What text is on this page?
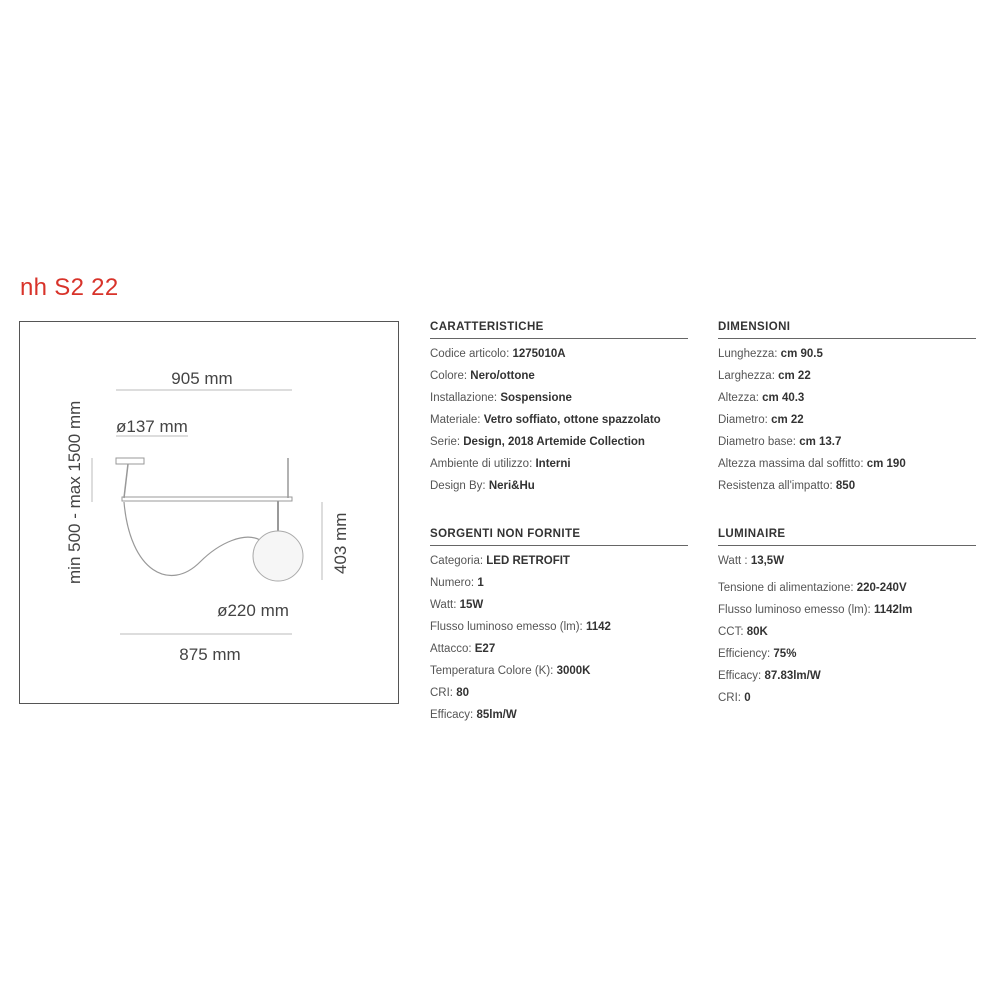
nh S2 22
905 mm
ø137 mm
min 500 - max 1500 mm	403 mm
ø220 mm
875 mm
CARATTERISTICHE
Codice articolo: 1275010A
Colore: Nero/ottone
Installazione: Sospensione
Materiale: Vetro soffiato, ottone spazzolato
Serie: Design, 2018 Artemide Collection
Ambiente di utilizzo: Interni
Design By: Neri&Hu
DIMENSIONI
Lunghezza: cm 90.5
Larghezza: cm 22
Altezza: cm 40.3
Diametro: cm 22
Diametro base: cm 13.7
Altezza massima dal soffitto: cm 190
Resistenza all'impatto: 850
SORGENTI NON FORNITE
Categoria: LED RETROFIT
Numero: 1
Watt: 15W
Flusso luminoso emesso (lm): 1142
Attacco: E27
Temperatura Colore (K): 3000K
CRI: 80
Efficacy: 85lm/W
LUMINAIRE
Watt : 13,5W
Tensione di alimentazione: 220-240V
Flusso luminoso emesso (lm): 1142lm
CCT: 80K
Efficiency: 75%
Efficacy: 87.83lm/W
CRI: 0
